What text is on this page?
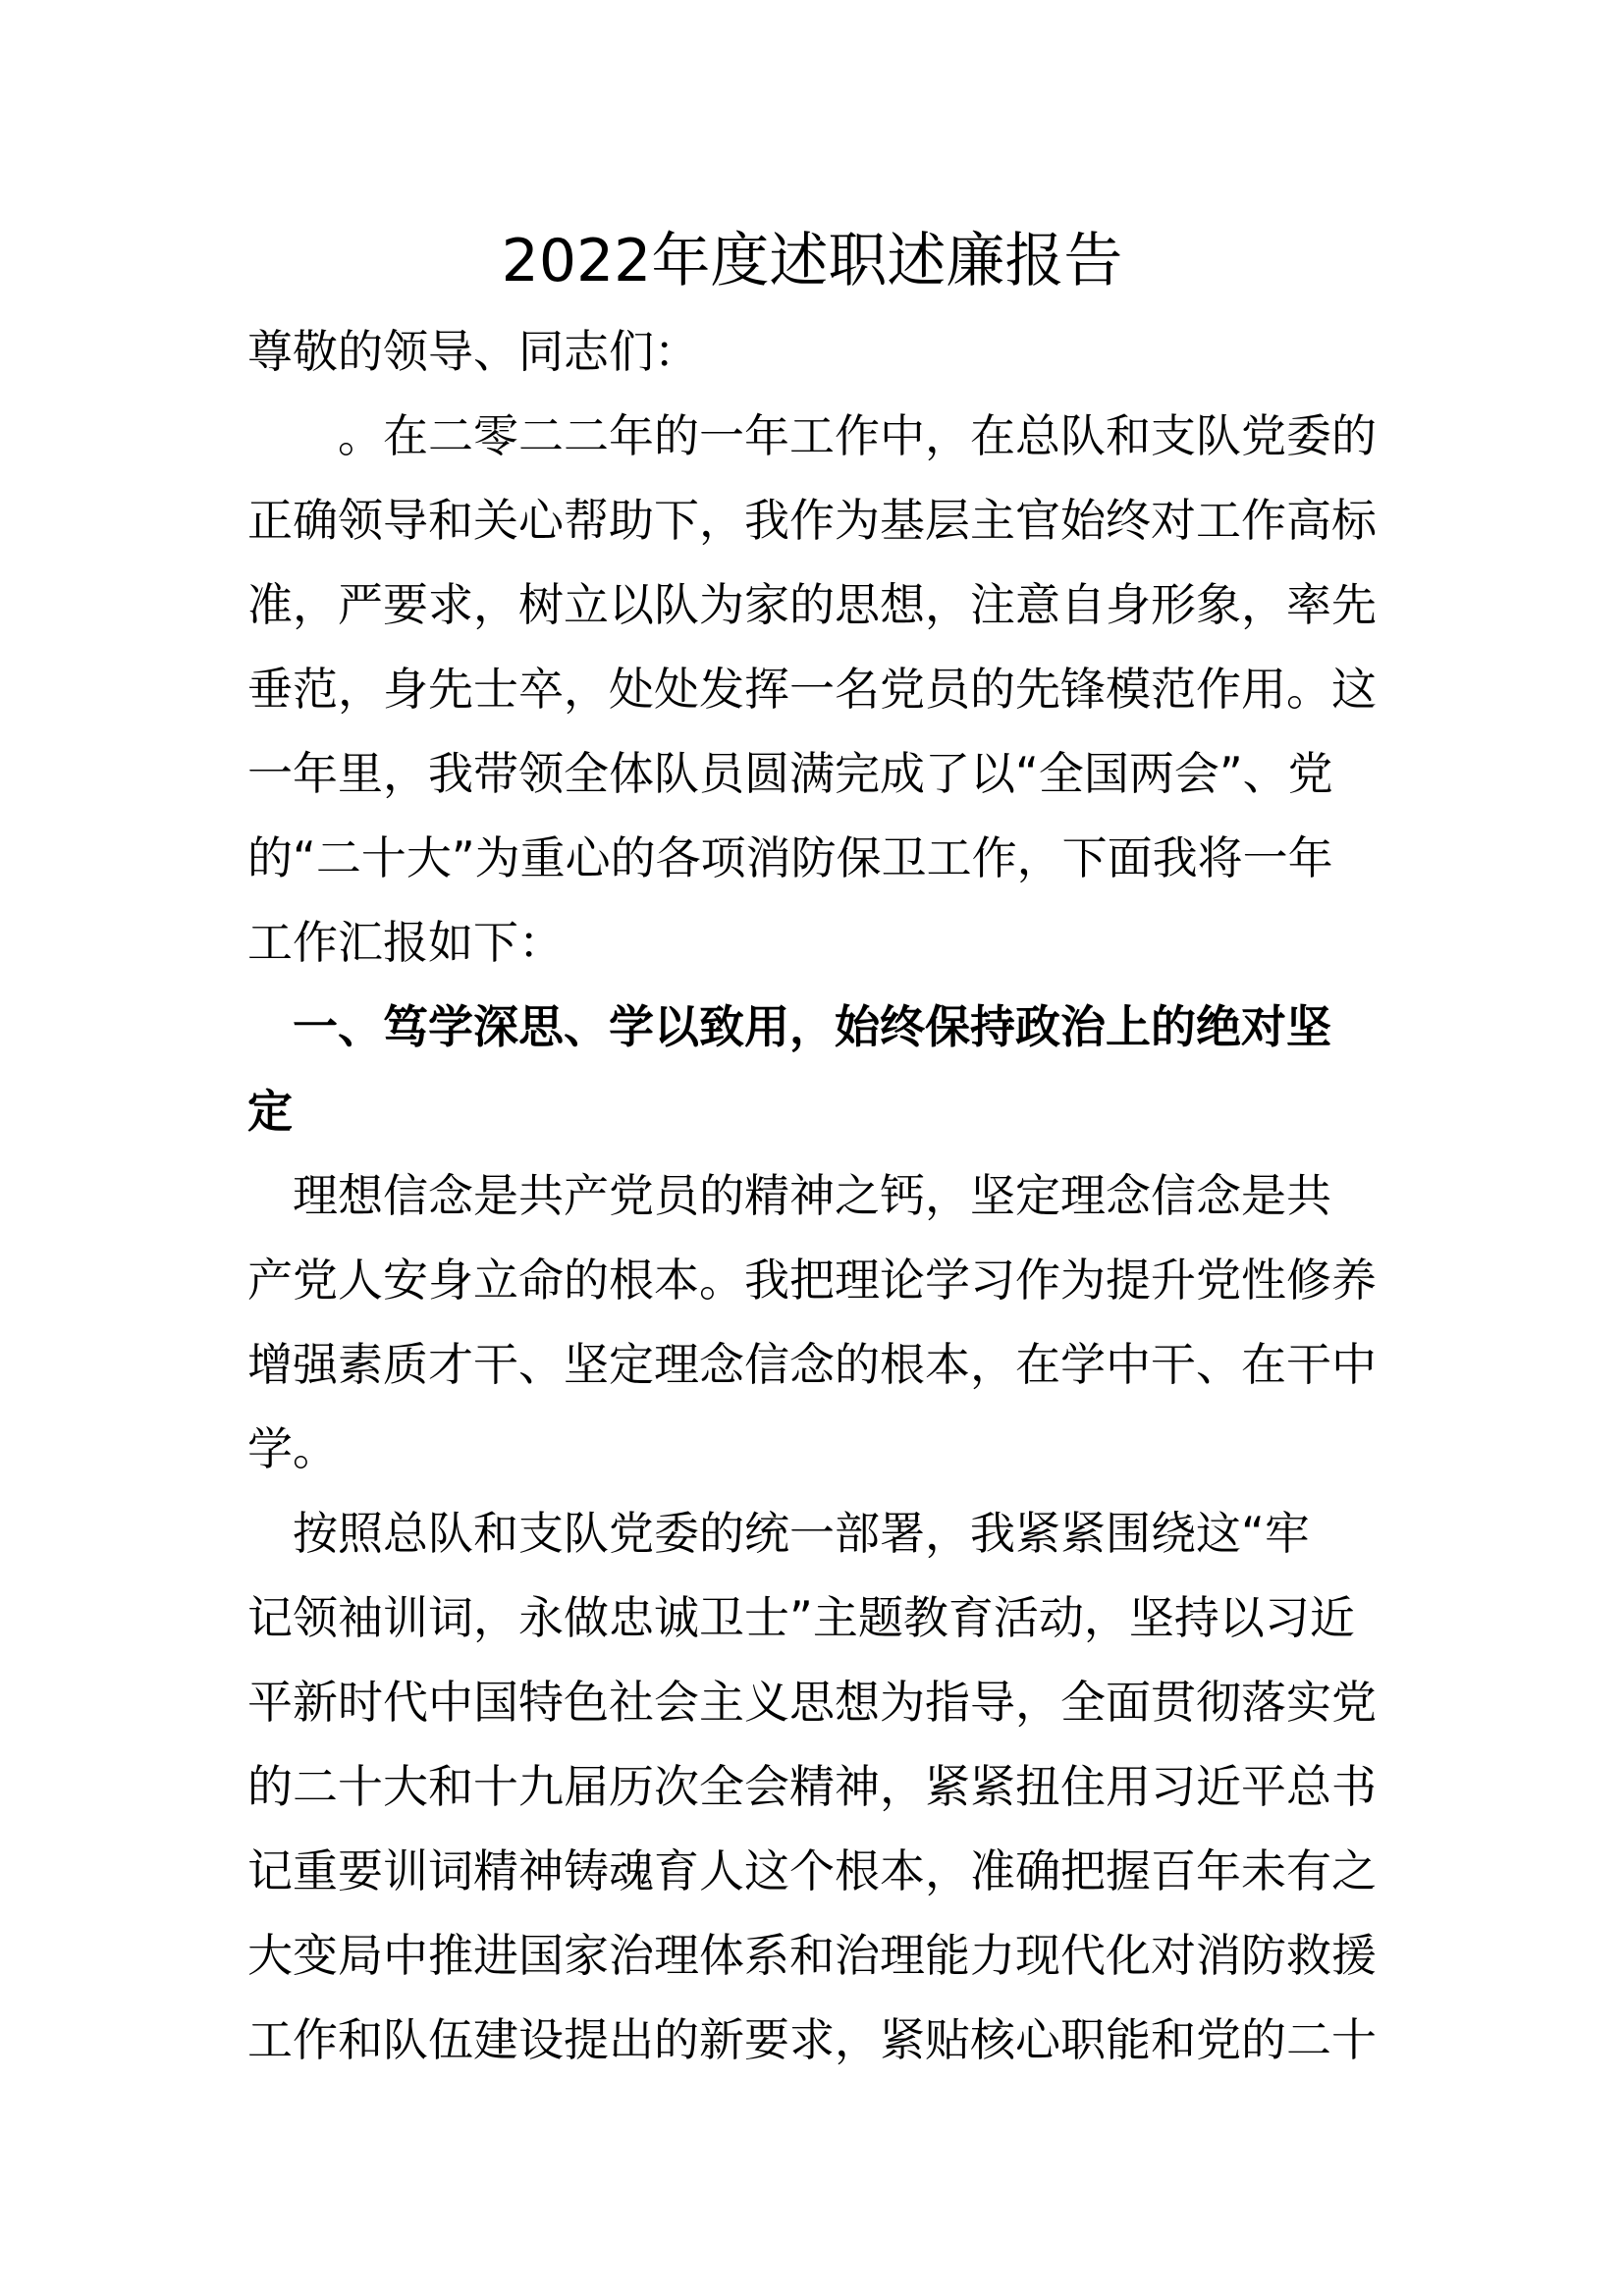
2022年度述职述廉报告
尊敬的领导、同志们：
　　。在二零二二年的一年工作中，在总队和支队党委的
正确领导和关心帮助下，我作为基层主官始终对工作高标
准，严要求，树立以队为家的思想，注意自身形象，率先
垂范，身先士卒，处处发挥一名党员的先锋模范作用。这
一年里，我带领全体队员圆满完成了以“全国两会”、党
的“二十大”为重心的各项消防保卫工作，下面我将一年
工作汇报如下：
　一、笃学深思、学以致用，始终保持政治上的绝对坚
定
　理想信念是共产党员的精神之钙，坚定理念信念是共
产党人安身立命的根本。我把理论学习作为提升党性修养
增强素质才干、坚定理念信念的根本，在学中干、在干中
学。
　按照总队和支队党委的统一部署，我紧紧围绕这“牢
记领袖训词，永做忠诚卫士”主题教育活动，坚持以习近
平新时代中国特色社会主义思想为指导，全面贯彻落实党
的二十大和十九届历次全会精神，紧紧扭住用习近平总书
记重要训词精神铸魂育人这个根本，准确把握百年未有之
大变局中推进国家治理体系和治理能力现代化对消防救援
工作和队伍建设提出的新要求，紧贴核心职能和党的二十
